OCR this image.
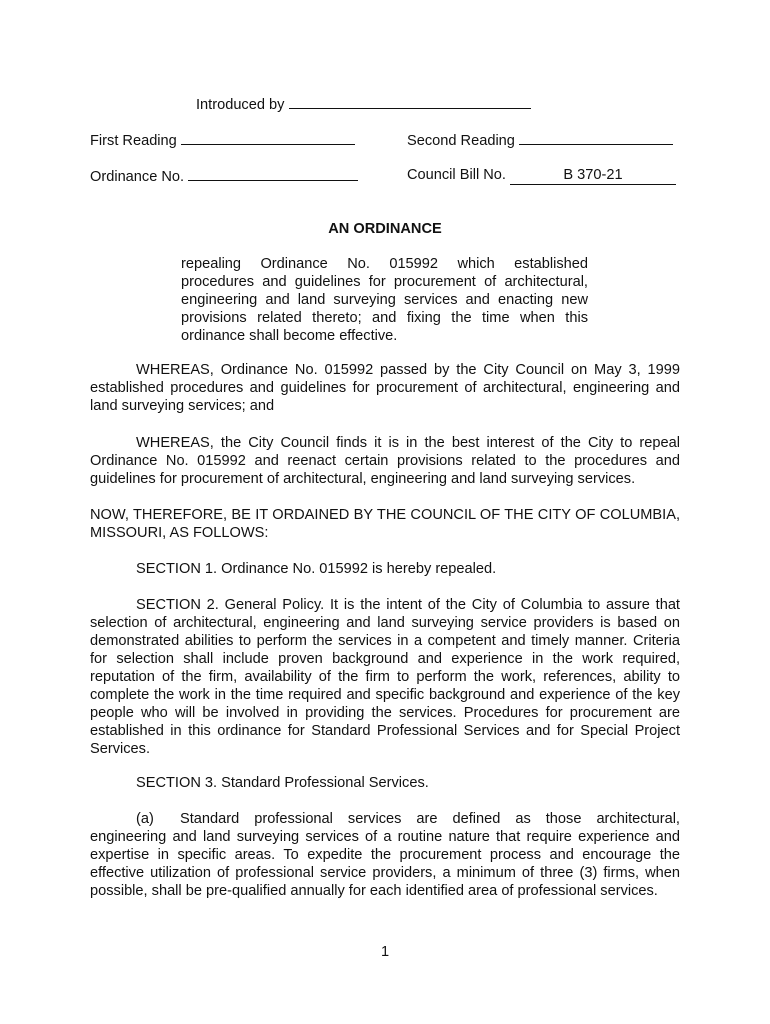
Introduced by
First Reading	Second Reading
Ordinance No.	Council Bill No.	B 370-21
AN ORDINANCE
repealing Ordinance No. 015992 which established procedures and guidelines for procurement of architectural, engineering and land surveying services and enacting new provisions related thereto; and fixing the time when this ordinance shall become effective.

WHEREAS, Ordinance No. 015992 passed by the City Council on May 3, 1999 established procedures and guidelines for procurement of architectural, engineering and land surveying services; and

WHEREAS, the City Council finds it is in the best interest of the City to repeal Ordinance No. 015992 and reenact certain provisions related to the procedures and guidelines for procurement of architectural, engineering and land surveying services.

NOW, THEREFORE, BE IT ORDAINED BY THE COUNCIL OF THE CITY OF COLUMBIA, MISSOURI, AS FOLLOWS:

SECTION 1. Ordinance No. 015992 is hereby repealed.

SECTION 2. General Policy. It is the intent of the City of Columbia to assure that selection of architectural, engineering and land surveying service providers is based on demonstrated abilities to perform the services in a competent and timely manner. Criteria for selection shall include proven background and experience in the work required, reputation of the firm, availability of the firm to perform the work, references, ability to complete the work in the time required and specific background and experience of the key people who will be involved in providing the services. Procedures for procurement are established in this ordinance for Standard Professional Services and for Special Project Services.

SECTION 3. Standard Professional Services.

(a) Standard professional services are defined as those architectural, engineering and land surveying services of a routine nature that require experience and expertise in specific areas. To expedite the procurement process and encourage the effective utilization of professional service providers, a minimum of three (3) firms, when possible, shall be pre-qualified annually for each identified area of professional services.

1
